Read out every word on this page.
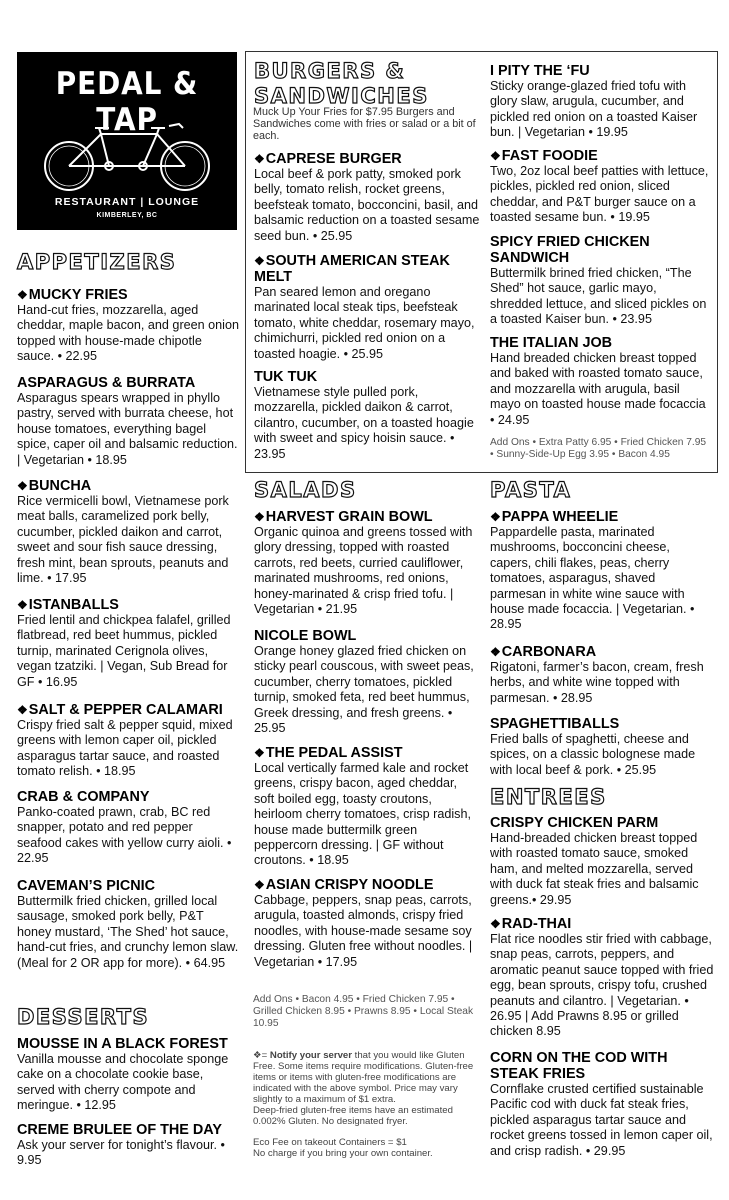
PEDAL & TAP
RESTAURANT | LOUNGE
KIMBERLEY, BC
APPETIZERS
❖MUCKY FRIES
Hand-cut fries, mozzarella, aged cheddar, maple bacon, and green onion topped with house-made chipotle sauce. • 22.95
ASPARAGUS & BURRATA
Asparagus spears wrapped in phyllo pastry, served with burrata cheese, hot house tomatoes, everything bagel spice, caper oil and balsamic reduction. | Vegetarian • 18.95
❖BUNCHA
Rice vermicelli bowl, Vietnamese pork meat balls, caramelized pork belly, cucumber, pickled daikon and carrot, sweet and sour fish sauce dressing, fresh mint, bean sprouts, peanuts and lime. • 17.95
❖ISTANBALLS
Fried lentil and chickpea falafel, grilled flatbread, red beet hummus, pickled turnip, marinated Cerignola olives, vegan tzatziki. | Vegan, Sub Bread for GF • 16.95
❖SALT & PEPPER CALAMARI
Crispy fried salt & pepper squid, mixed greens with lemon caper oil, pickled asparagus tartar sauce, and roasted tomato relish. • 18.95
CRAB & COMPANY
Panko-coated prawn, crab, BC red snapper, potato and red pepper seafood cakes with yellow curry aioli. • 22.95
CAVEMAN’S PICNIC
Buttermilk fried chicken, grilled local sausage, smoked pork belly, P&T honey mustard, ‘The Shed’ hot sauce, hand-cut fries, and crunchy lemon slaw. (Meal for 2 OR app for more). • 64.95
DESSERTS
MOUSSE IN A BLACK FOREST
Vanilla mousse and chocolate sponge cake on a chocolate cookie base, served with cherry compote and meringue. • 12.95
CREME BRULEE OF THE DAY
Ask your server for tonight’s flavour. • 9.95
BURGERS &
SANDWICHES
Muck Up Your Fries for $7.95 Burgers and Sandwiches come with fries or salad or a bit of each.
❖CAPRESE BURGER
Local beef & pork patty, smoked pork belly, tomato relish, rocket greens, beefsteak tomato, bocconcini, basil, and balsamic reduction on a toasted sesame seed bun. • 25.95
❖SOUTH AMERICAN STEAK MELT
Pan seared lemon and oregano marinated local steak tips, beefsteak tomato, white cheddar, rosemary mayo, chimichurri, pickled red onion on a toasted hoagie. • 25.95
TUK TUK
Vietnamese style pulled pork, mozzarella, pickled daikon & carrot, cilantro, cucumber, on a toasted hoagie with sweet and spicy hoisin sauce. • 23.95
I PITY THE ‘FU
Sticky orange-glazed fried tofu with glory slaw, arugula, cucumber, and pickled red onion on a toasted Kaiser bun. | Vegetarian • 19.95
❖FAST FOODIE
Two, 2oz local beef patties with lettuce, pickles, pickled red onion, sliced cheddar, and P&T burger sauce on a toasted sesame bun. • 19.95
SPICY FRIED CHICKEN SANDWICH
Buttermilk brined fried chicken, “The Shed” hot sauce, garlic mayo, shredded lettuce, and sliced pickles on a toasted Kaiser bun. • 23.95
THE ITALIAN JOB
Hand breaded chicken breast topped and baked with roasted tomato sauce, and mozzarella with arugula, basil mayo on toasted house made focaccia • 24.95
Add Ons • Extra Patty 6.95 • Fried Chicken 7.95 • Sunny-Side-Up Egg 3.95 • Bacon 4.95
SALADS
❖HARVEST GRAIN BOWL
Organic quinoa and greens tossed with glory dressing, topped with roasted carrots, red beets, curried cauliflower, marinated mushrooms, red onions, honey-marinated & crisp fried tofu. | Vegetarian • 21.95
NICOLE BOWL
Orange honey glazed fried chicken on sticky pearl couscous, with sweet peas, cucumber, cherry tomatoes, pickled turnip, smoked feta, red beet hummus, Greek dressing, and fresh greens. • 25.95
❖THE PEDAL ASSIST
Local vertically farmed kale and rocket greens, crispy bacon, aged cheddar, soft boiled egg, toasty croutons, heirloom cherry tomatoes, crisp radish, house made buttermilk green peppercorn dressing. | GF without croutons. • 18.95
❖ASIAN CRISPY NOODLE
Cabbage, peppers, snap peas, carrots, arugula, toasted almonds, crispy fried noodles, with house-made sesame soy dressing. Gluten free without noodles. | Vegetarian • 17.95
Add Ons • Bacon 4.95 • Fried Chicken 7.95 • Grilled Chicken 8.95 • Prawns 8.95 • Local Steak 10.95
❖= Notify your server that you would like Gluten Free. Some items require modifications. Gluten-free items or items with gluten-free modifications are indicated with the above symbol. Price may vary slightly to a maximum of $1 extra.
Deep-fried gluten-free items have an estimated 0.002% Gluten. No designated fryer.
Eco Fee on takeout Containers = $1
No charge if you bring your own container.
PASTA
❖PAPPA WHEELIE
Pappardelle pasta, marinated mushrooms, bocconcini cheese, capers, chili flakes, peas, cherry tomatoes, asparagus, shaved parmesan in white wine sauce with house made focaccia. | Vegetarian. • 28.95
❖CARBONARA
Rigatoni, farmer’s bacon, cream, fresh herbs, and white wine topped with parmesan. • 28.95
SPAGHETTIBALLS
Fried balls of spaghetti, cheese and spices, on a classic bolognese made with local beef & pork. • 25.95
ENTREES
CRISPY CHICKEN PARM
Hand-breaded chicken breast topped with roasted tomato sauce, smoked ham, and melted mozzarella, served with duck fat steak fries and balsamic greens.• 29.95
❖RAD-THAI
Flat rice noodles stir fried with cabbage, snap peas, carrots, peppers, and aromatic peanut sauce topped with fried egg, bean sprouts, crispy tofu, crushed peanuts and cilantro. | Vegetarian. • 26.95 | Add Prawns 8.95 or grilled chicken 8.95
CORN ON THE COD WITH STEAK FRIES
Cornflake crusted certified sustainable Pacific cod with duck fat steak fries, pickled asparagus tartar sauce and rocket greens tossed in lemon caper oil, and crisp radish. • 29.95
